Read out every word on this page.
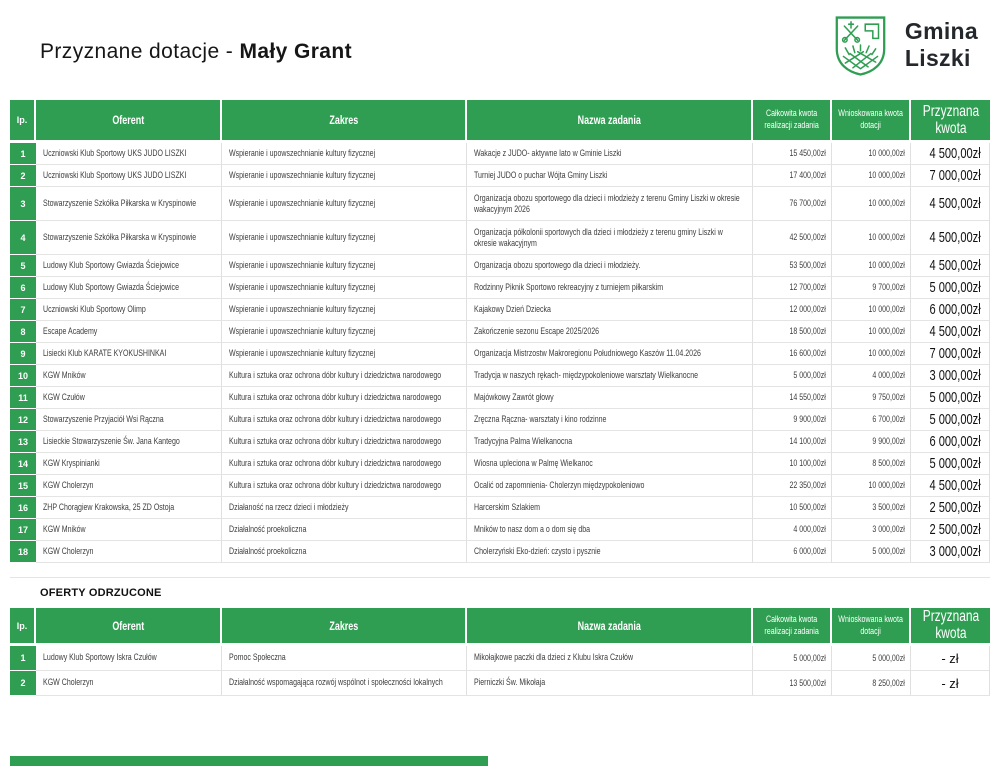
Przyznane dotacje - Mały Grant
Gmina
Liszki
lp.	Oferent	Zakres	Nazwa zadania	Całkowita kwota realizacji zadania	Wnioskowana kwota dotacji	Przyznana kwota
1	Uczniowski Klub Sportowy UKS JUDO LISZKI	Wspieranie i upowszechnianie kultury fizycznej	Wakacje z JUDO- aktywne lato w Gminie Liszki	15 450,00zł	10 000,00zł	4 500,00zł
2	Uczniowski Klub Sportowy UKS JUDO LISZKI	Wspieranie i upowszechnianie kultury fizycznej	Turniej JUDO o puchar Wójta Gminy Liszki	17 400,00zł	10 000,00zł	7 000,00zł
3	Stowarzyszenie Szkółka Piłkarska w Kryspinowie	Wspieranie i upowszechnianie kultury fizycznej	Organizacja obozu sportowego dla dzieci i młodzieży z terenu Gminy Liszki w okresie wakacyjnym 2026	76 700,00zł	10 000,00zł	4 500,00zł
4	Stowarzyszenie Szkółka Piłkarska w Kryspinowie	Wspieranie i upowszechnianie kultury fizycznej	Organizacja półkolonii sportowych dla dzieci i młodzieży z terenu gminy Liszki w okresie wakacyjnym	42 500,00zł	10 000,00zł	4 500,00zł
5	Ludowy Klub Sportowy Gwiazda Ściejowice	Wspieranie i upowszechnianie kultury fizycznej	Organizacja obozu sportowego dla dzieci i młodzieży.	53 500,00zł	10 000,00zł	4 500,00zł
6	Ludowy Klub Sportowy Gwiazda Ściejowice	Wspieranie i upowszechnianie kultury fizycznej	Rodzinny Piknik Sportowo rekreacyjny z turniejem piłkarskim	12 700,00zł	9 700,00zł	5 000,00zł
7	Uczniowski Klub Sportowy Olimp	Wspieranie i upowszechnianie kultury fizycznej	Kajakowy Dzień Dziecka	12 000,00zł	10 000,00zł	6 000,00zł
8	Escape Academy	Wspieranie i upowszechnianie kultury fizycznej	Zakończenie sezonu Escape 2025/2026	18 500,00zł	10 000,00zł	4 500,00zł
9	Lisiecki Klub KARATE KYOKUSHINKAI	Wspieranie i upowszechnianie kultury fizycznej	Organizacja Mistrzostw Makroregionu Południowego Kaszów 11.04.2026	16 600,00zł	10 000,00zł	7 000,00zł
10	KGW Mników	Kultura i sztuka oraz ochrona dóbr kultury i dziedzictwa narodowego	Tradycja w naszych rękach- międzypokoleniowe warsztaty Wielkanocne	5 000,00zł	4 000,00zł	3 000,00zł
11	KGW Czułów	Kultura i sztuka oraz ochrona dóbr kultury i dziedzictwa narodowego	Majówkowy Zawrót głowy	14 550,00zł	9 750,00zł	5 000,00zł
12	Stowarzyszenie Przyjaciół Wsi Rączna	Kultura i sztuka oraz ochrona dóbr kultury i dziedzictwa narodowego	Zręczna Rączna- warsztaty i kino rodzinne	9 900,00zł	6 700,00zł	5 000,00zł
13	Lisieckie Stowarzyszenie Św. Jana Kantego	Kultura i sztuka oraz ochrona dóbr kultury i dziedzictwa narodowego	Tradycyjna Palma Wielkanocna	14 100,00zł	9 900,00zł	6 000,00zł
14	KGW Kryspinianki	Kultura i sztuka oraz ochrona dóbr kultury i dziedzictwa narodowego	Wiosna upleciona w Palmę Wielkanoc	10 100,00zł	8 500,00zł	5 000,00zł
15	KGW Cholerzyn	Kultura i sztuka oraz ochrona dóbr kultury i dziedzictwa narodowego	Ocalić od zapomnienia- Cholerzyn międzypokoleniowo	22 350,00zł	10 000,00zł	4 500,00zł
16	ZHP Chorągiew Krakowska, 25 ZD Ostoja	Działaność na rzecz dzieci i młodzieży	Harcerskim Szlakiem	10 500,00zł	3 500,00zł	2 500,00zł
17	KGW Mników	Działalność proekoliczna	Mników to nasz dom a o dom się dba	4 000,00zł	3 000,00zł	2 500,00zł
18	KGW Cholerzyn	Działalność proekoliczna	Cholerzyński Eko-dzień: czysto i pysznie	6 000,00zł	5 000,00zł	3 000,00zł
OFERTY ODRZUCONE
lp.	Oferent	Zakres	Nazwa zadania	Całkowita kwota realizacji zadania	Wnioskowana kwota dotacji	Przyznana kwota
1	Ludowy Klub Sportowy Iskra Czułów	Pomoc Społeczna	Mikołajkowe paczki dla dzieci z Klubu Iskra Czułów	5 000,00zł	5 000,00zł	- zł
2	KGW Cholerzyn	Działalność wspomagająca rozwój wspólnot i społeczności lokalnych	Pierniczki Św. Mikołaja	13 500,00zł	8 250,00zł	- zł
